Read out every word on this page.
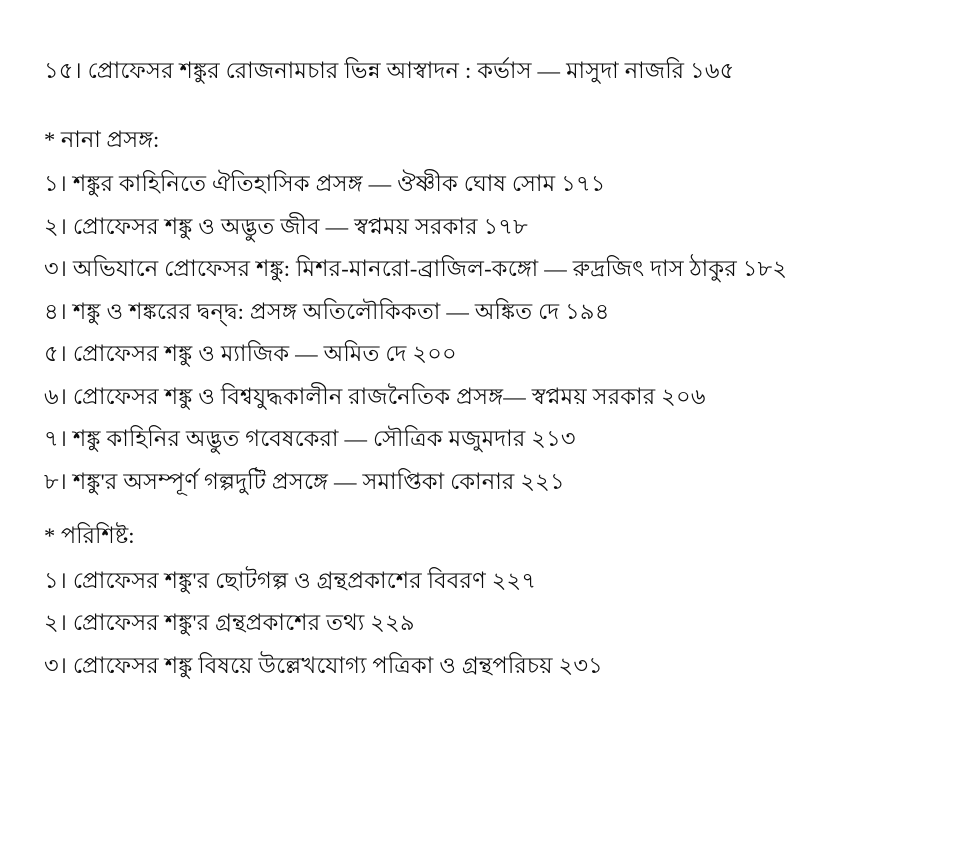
১৫। প্রোফেসর শঙ্কুর রোজনামচার ভিন্ন আস্বাদন : কর্ভাস — মাসুদা নাজরি ১৬৫
* নানা প্রসঙ্গ:
১। শঙ্কুর কাহিনিতে ঐতিহাসিক প্রসঙ্গ — ঔষ্ণীক ঘোষ সোম ১৭১
২। প্রোফেসর শঙ্কু ও অদ্ভুত জীব — স্বপ্নময় সরকার ১৭৮
৩। অভিযানে প্রোফেসর শঙ্কু: মিশর-মানরো-ব্রাজিল-কঙ্গো — রুদ্রজিৎ দাস ঠাকুর ১৮২
৪। শঙ্কু ও শঙ্করের দ্বন্দ্ব: প্রসঙ্গ অতিলৌকিকতা — অঙ্কিত দে ১৯৪
৫। প্রোফেসর শঙ্কু ও ম্যাজিক — অমিত দে ২০০
৬। প্রোফেসর শঙ্কু ও বিশ্বযুদ্ধকালীন রাজনৈতিক প্রসঙ্গ— স্বপ্নময় সরকার ২০৬
৭। শঙ্কু কাহিনির অদ্ভুত গবেষকেরা — সৌত্রিক মজুমদার ২১৩
৮। শঙ্কু'র অসম্পূর্ণ গল্পদুটি প্রসঙ্গে — সমাপ্তিকা কোনার ২২১
* পরিশিষ্ট:
১। প্রোফেসর শঙ্কু'র ছোটগল্প ও গ্রন্থপ্রকাশের বিবরণ ২২৭
২। প্রোফেসর শঙ্কু'র গ্রন্থপ্রকাশের তথ্য ২২৯
৩। প্রোফেসর শঙ্কু বিষয়ে উল্লেখযোগ্য পত্রিকা ও গ্রন্থপরিচয় ২৩১
